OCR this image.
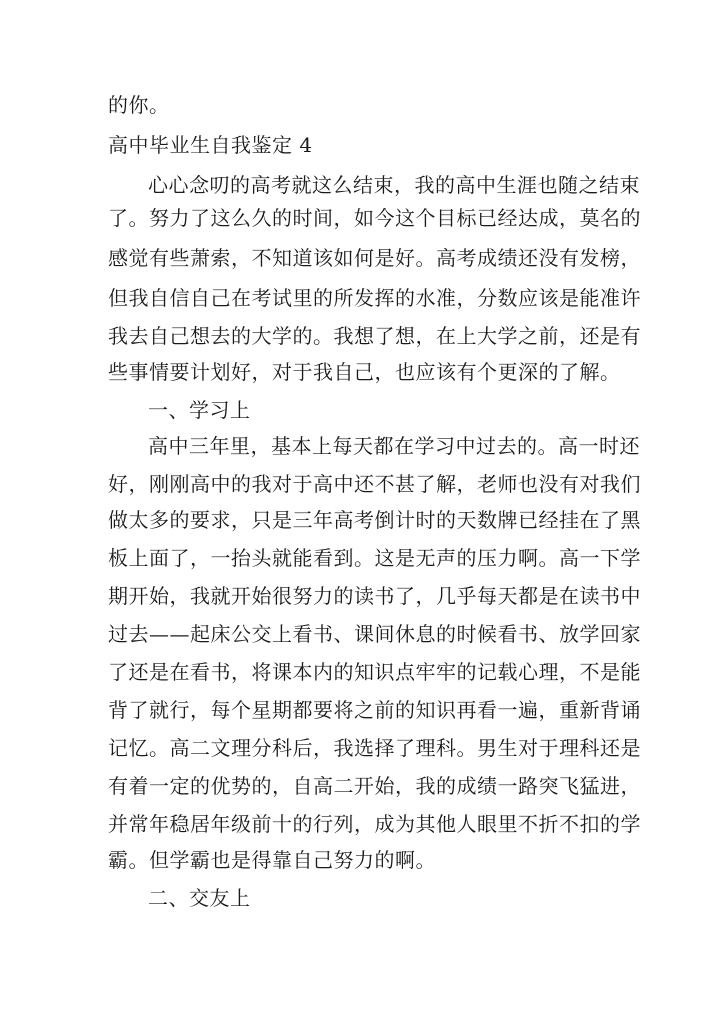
的你。
高中毕业生自我鉴定 4
心心念叨的高考就这么结束，我的高中生涯也随之结束
了。努力了这么久的时间，如今这个目标已经达成，莫名的
感觉有些萧索，不知道该如何是好。高考成绩还没有发榜，
但我自信自己在考试里的所发挥的水准，分数应该是能准许
我去自己想去的大学的。我想了想，在上大学之前，还是有
些事情要计划好，对于我自己，也应该有个更深的了解。
一、学习上
高中三年里，基本上每天都在学习中过去的。高一时还
好，刚刚高中的我对于高中还不甚了解，老师也没有对我们
做太多的要求，只是三年高考倒计时的天数牌已经挂在了黑
板上面了，一抬头就能看到。这是无声的压力啊。高一下学
期开始，我就开始很努力的读书了，几乎每天都是在读书中
过去——起床公交上看书、课间休息的时候看书、放学回家
了还是在看书，将课本内的知识点牢牢的记载心理，不是能
背了就行，每个星期都要将之前的知识再看一遍，重新背诵
记忆。高二文理分科后，我选择了理科。男生对于理科还是
有着一定的优势的，自高二开始，我的成绩一路突飞猛进，
并常年稳居年级前十的行列，成为其他人眼里不折不扣的学
霸。但学霸也是得靠自己努力的啊。
二、交友上
